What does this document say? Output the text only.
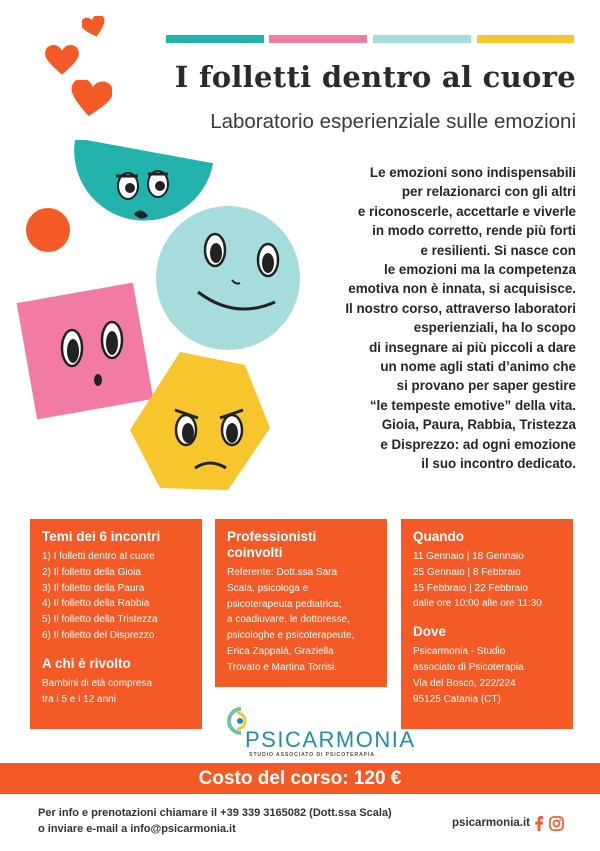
I folletti dentro al cuore
Laboratorio esperienziale sulle emozioni
Le emozioni sono indispensabili
per relazionarci con gli altri
e riconoscerle, accettarle e viverle
in modo corretto, rende più forti
e resilienti. Si nasce con
le emozioni ma la competenza
emotiva non è innata, si acquisisce.
Il nostro corso, attraverso laboratori
esperienziali, ha lo scopo
di insegnare ai più piccoli a dare
un nome agli stati d’animo che
si provano per saper gestire
“le tempeste emotive” della vita.
Gioia, Paura, Rabbia, Tristezza
e Disprezzo: ad ogni emozione
il suo incontro dedicato.
Temi dei 6 incontri
1) I folletti dentro al cuore
2) Il folletto della Gioia
3) Il folletto della Paura
4) Il folletto della Rabbia
5) Il folletto della Tristezza
6) Il folletto del Disprezzo
A chi è rivolto

Bambini di età compresa

tra i 5 e i 12 anni

Professionisti
coinvolti

Referente: Dott.ssa Sara

Scala, psicologa e

psicoterapeuta pediatrica;

a coadiuvare, le dottoresse,

psicologhe e psicoterapeute,

Erica Zappalà, Graziella

Trovato e Martina Torrisi.

Quando

11 Gennaio | 18 Gennaio

25 Gennaio | 8 Febbraio

15 Febbraio | 22 Febbraio

dalle ore 10:00 alle ore 11:30

Dove

Psicarmonia - Studio

associato di Psicoterapia

Via del Bosco, 222/224

95125 Catania (CT)

PSICARMONIA
STUDIO ASSOCIATO DI PSICOTERAPIA
Costo del corso: 120 €
Per info e prenotazioni chiamare il +39 339 3165082 (Dott.ssa Scala)
o inviare e-mail a info@psicarmonia.it	psicarmonia.it
